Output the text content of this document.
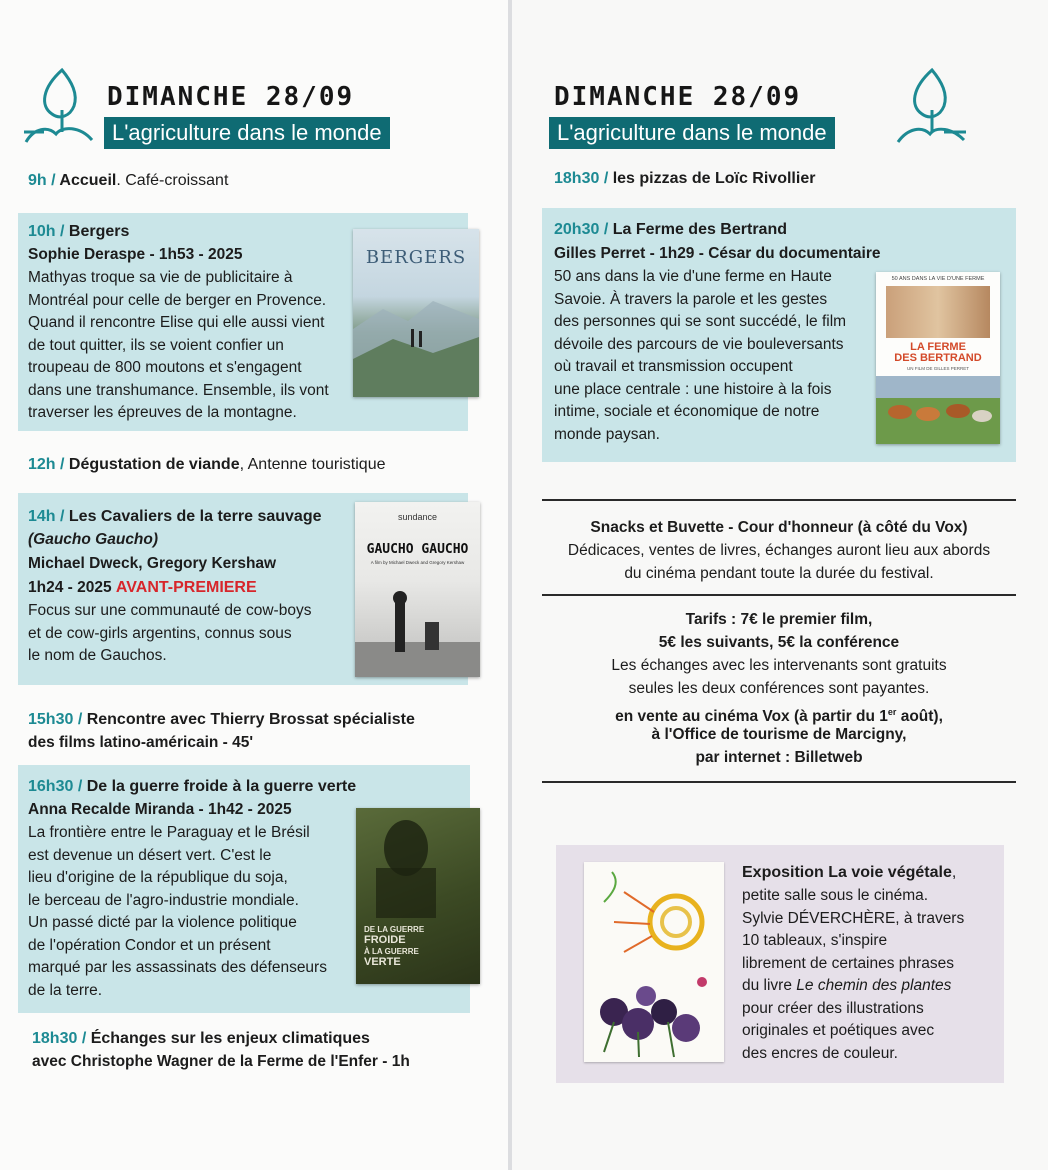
DIMANCHE 28/09
L'agriculture dans le monde
9h / Accueil. Café-croissant
10h / Bergers
Sophie Deraspe - 1h53 - 2025
Mathyas troque sa vie de publicitaire à
Montréal pour celle de berger en Provence.
Quand il rencontre Elise qui elle aussi vient
de tout quitter, ils se voient confier un
troupeau de 800 moutons et s'engagent
dans une transhumance. Ensemble, ils vont
traverser les épreuves de la montagne.
BERGERS
12h / Dégustation de viande, Antenne touristique
14h / Les Cavaliers de la terre sauvage
(Gaucho Gaucho)
Michael Dweck, Gregory Kershaw
1h24 - 2025 AVANT-PREMIERE
Focus sur une communauté de cow-boys
et de cow-girls argentins, connus sous
le nom de Gauchos.
sundance
GAUCHO GAUCHO
A film by Michael Dweck and Gregory Kershaw
15h30 / Rencontre avec Thierry Brossat spécialiste
des films latino-américain - 45'
16h30 / De la guerre froide à la guerre verte
Anna Recalde Miranda - 1h42 - 2025
La frontière entre le Paraguay et le Brésil
est devenue un désert vert. C'est le
lieu d'origine de la république du soja,
le berceau de l'agro-industrie mondiale.
Un passé dicté par la violence politique
de l'opération Condor et un présent
marqué par les assassinats des défenseurs
de la terre.
DE LA GUERRE
FROIDE
À LA GUERRE
VERTE
18h30 / Échanges sur les enjeux climatiques
avec Christophe Wagner de la Ferme de l'Enfer - 1h
DIMANCHE 28/09
L'agriculture dans le monde
18h30 / les pizzas de Loïc Rivollier
20h30 / La Ferme des Bertrand
Gilles Perret - 1h29 - César du documentaire
50 ans dans la vie d'une ferme en Haute
Savoie. À travers la parole et les gestes
des personnes qui se sont succédé, le film
dévoile des parcours de vie bouleversants
où travail et transmission occupent
une place centrale : une histoire à la fois
intime, sociale et économique de notre
monde paysan.
50 ANS DANS LA VIE D'UNE FERME
LA FERME
DES BERTRAND
UN FILM DE GILLES PERRET
Snacks et Buvette - Cour d'honneur (à côté du Vox)
Dédicaces, ventes de livres, échanges auront lieu aux abords
du cinéma pendant toute la durée du festival.
Tarifs : 7€ le premier film,
5€ les suivants, 5€ la conférence
Les échanges avec les intervenants sont gratuits
seules les deux conférences sont payantes.
en vente au cinéma Vox (à partir du 1er août),
à l'Office de tourisme de Marcigny,
par internet : Billetweb
Exposition La voie végétale,
petite salle sous le cinéma.
Sylvie DÉVERCHÈRE, à travers
10 tableaux, s'inspire
librement de certaines phrases
du livre Le chemin des plantes
pour créer des illustrations
originales et poétiques avec
des encres de couleur.
